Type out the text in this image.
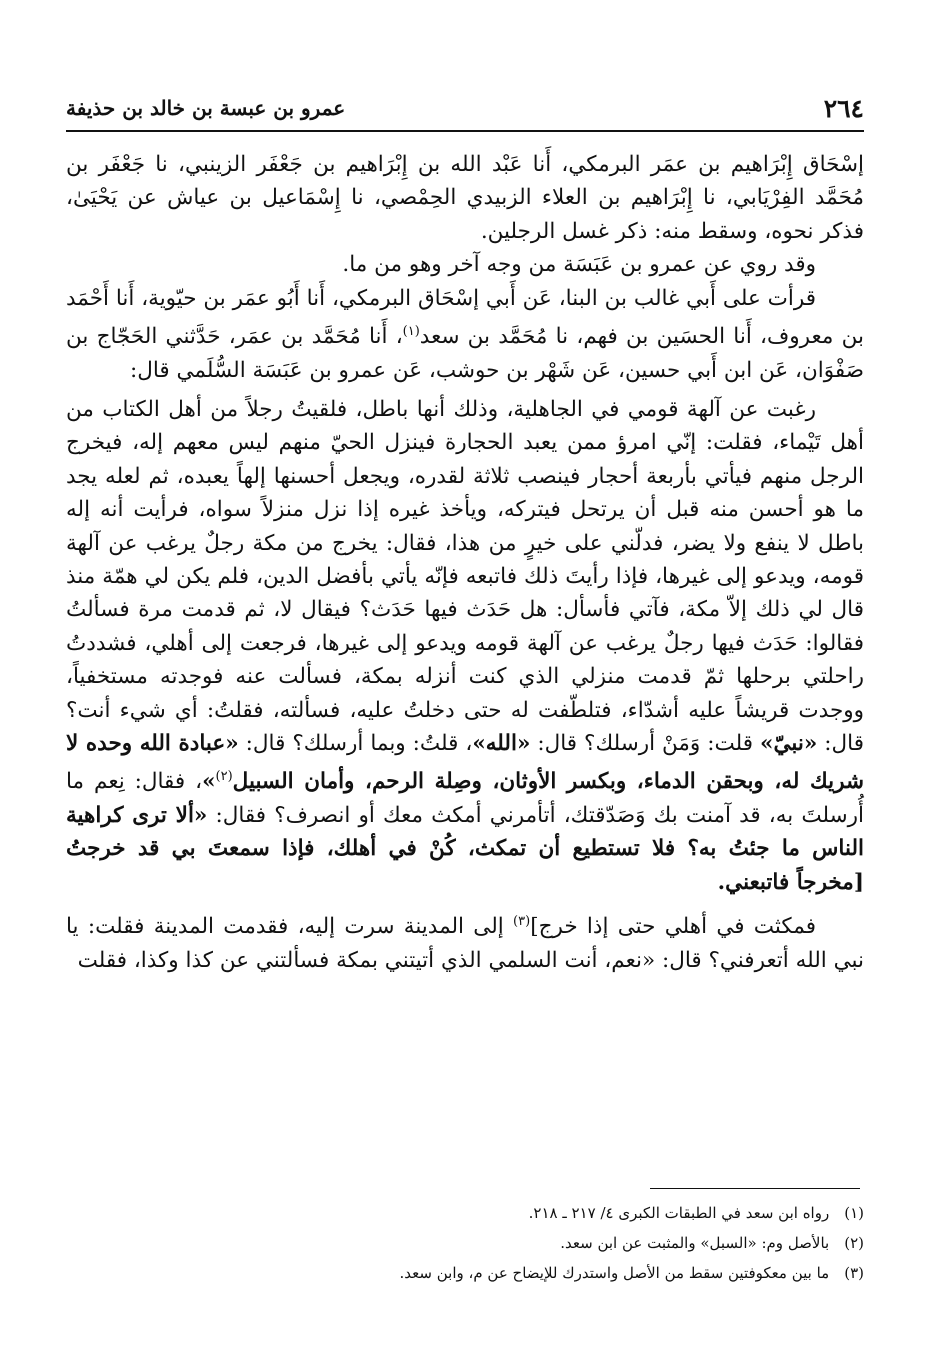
٢٦٤
عمرو بن عبسة بن خالد بن حذيفة

إسْحَاق إِبْرَاهيم بن عمَر البرمكي، أَنا عَبْد الله بن إِبْرَاهيم بن جَعْفَر الزينبي، نا جَعْفَر بن مُحَمَّد الفِرْيَابي، نا إِبْرَاهيم بن العلاء الزبيدي الحِمْصي، نا إِسْمَاعيل بن عياش عن يَحْيَىٰ، فذكر نحوه، وسقط منه: ذكر غسل الرجلين.

وقد روي عن عمرو بن عَبَسَة من وجه آخر وهو من ما.

قرأت على أَبي غالب بن البنا، عَن أَبي إسْحَاق البرمكي، أَنا أَبُو عمَر بن حيّوية، أَنا أَحْمَد بن معروف، أَنا الحسَين بن فهم، نا مُحَمَّد بن سعد$^{(١)}$، أَنا مُحَمَّد بن عمَر، حَدَّثني الحَجّاج بن صَفْوَان، عَن ابن أَبي حسين، عَن شَهْر بن حوشب، عَن عمرو بن عَبَسَة السُّلَمي قال:

رغبت عن آلهة قومي في الجاهلية، وذلك أنها باطل، فلقيتُ رجلاً من أهل الكتاب من أهل تَيْماء، فقلت: إنّي امرؤ ممن يعبد الحجارة فينزل الحيّ منهم ليس معهم إله، فيخرج الرجل منهم فيأتي بأربعة أحجار فينصب ثلاثة لقدره، ويجعل أحسنها إلهاً يعبده، ثم لعله يجد ما هو أحسن منه قبل أن يرتحل فيتركه، ويأخذ غيره إذا نزل منزلاً سواه، فرأيت أنه إله باطل لا ينفع ولا يضر، فدلّني على خيرٍ من هذا، فقال: يخرج من مكة رجلٌ يرغب عن آلهة قومه، ويدعو إلى غيرها، فإذا رأيتَ ذلك فاتبعه فإنّه يأتي بأفضل الدين، فلم يكن لي همّة منذ قال لي ذلك إلاّ مكة، فآتي فأسأل: هل حَدَث فيها حَدَث؟ فيقال لا، ثم قدمت مرة فسألتُ فقالوا: حَدَث فيها رجلٌ يرغب عن آلهة قومه ويدعو إلى غيرها، فرجعت إلى أهلي، فشددتُ راحلتي برحلها ثمّ قدمت منزلي الذي كنت أنزله بمكة، فسألت عنه فوجدته مستخفياً، ووجدت قريشاً عليه أشدّاء، فتلطّفت له حتى دخلتُ عليه، فسألته، فقلتُ: أي شيء أنت؟ قال: «نبيّ» قلت: وَمَنْ أرسلك؟ قال: «الله»، قلتُ: وبما أرسلك؟ قال: «عبادة الله وحده لا شريك له، وبحقن الدماء، وبكسر الأوثان، وصِلة الرحم، وأمان السبيل$^{(٢)}$»، فقال: نِعم ما أُرسلتَ به، قد آمنت بك وَصَدّقتك، أتأمرني أمكث معك أو انصرف؟ فقال: «ألا ترى كراهية الناس ما جئتُ به؟ فلا تستطيع أن تمكث، كُنْ في أهلك، فإذا سمعتَ بي قد خرجتُ [مخرجاً فاتبعني.

فمكثت في أهلي حتى إذا خرج]$^{(٣)}$ إلى المدينة سرت إليه، فقدمت المدينة فقلت: يا نبي الله أتعرفني؟ قال: «نعم، أنت السلمي الذي أتيتني بمكة فسألتني عن كذا وكذا، فقلت

(١) رواه ابن سعد في الطبقات الكبرى ٤/ ٢١٧ ـ ٢١٨.

(٢) بالأصل وم: «السبل» والمثبت عن ابن سعد.

(٣) ما بين معكوفتين سقط من الأصل واستدرك للإيضاح عن م، وابن سعد.
